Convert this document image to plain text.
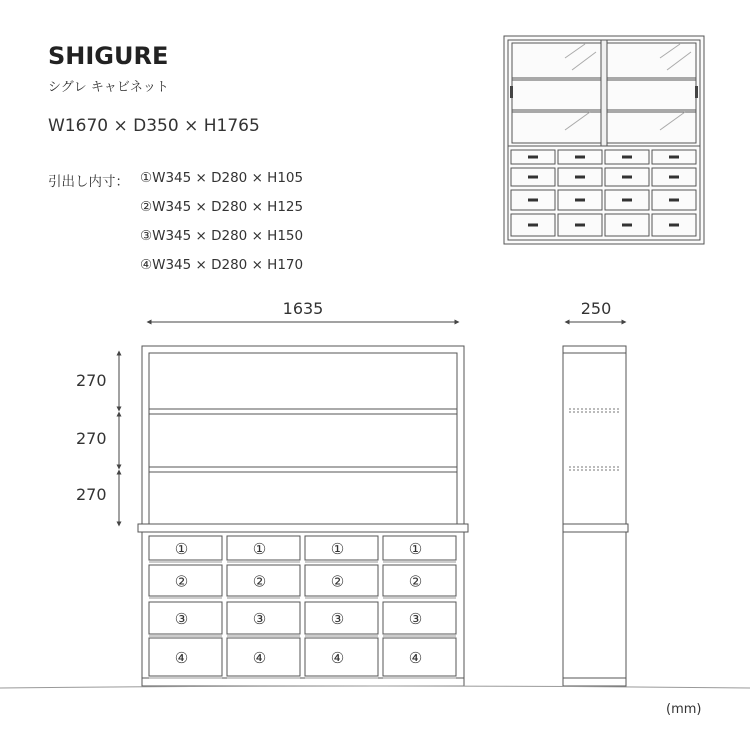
SHIGURE
シグレ キャビネット
W1670 × D350 × H1765
引出し内寸： ①W345 × D280 × H105
②W345 × D280 × H125
③W345 × D280 × H150
④W345 × D280 × H170
(mm)
①	①	①	①
②	②	②	②
③	③	③	③
④	④	④	④
1635
270
270
270
250
